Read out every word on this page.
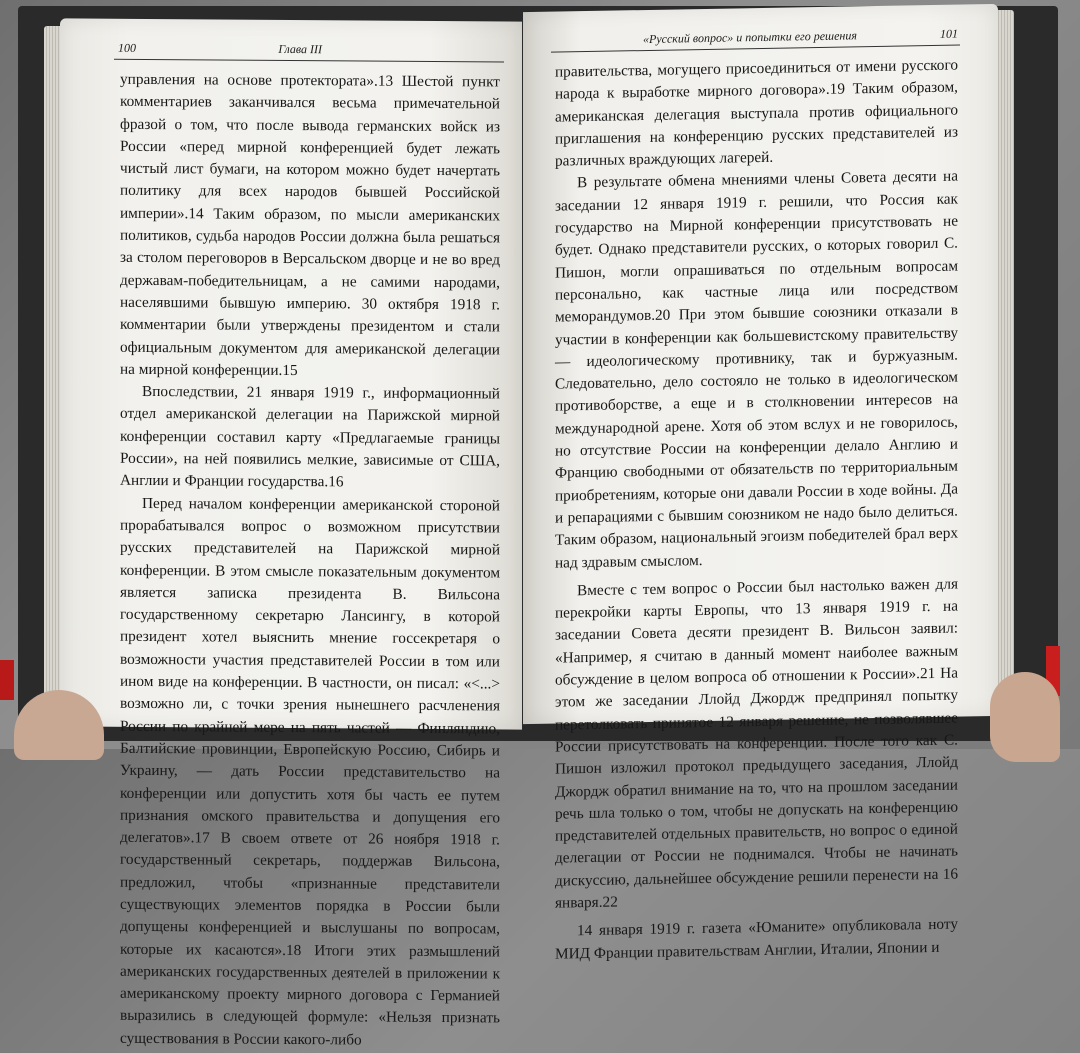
100	Глава III

управления на основе протектората».13 Шестой пункт комментариев заканчивался весьма примечательной фразой о том, что после вывода германских войск из России «перед мирной конференцией будет лежать чистый лист бумаги, на котором можно будет начертать политику для всех народов бывшей Российской империи».14 Таким образом, по мысли американских политиков, судьба народов России должна была решаться за столом переговоров в Версальском дворце и не во вред державам-победительницам, а не самими народами, населявшими бывшую империю. 30 октября 1918 г. комментарии были утверждены президентом и стали официальным документом для американской делегации на мирной конференции.15

Впоследствии, 21 января 1919 г., информационный отдел американской делегации на Парижской мирной конференции составил карту «Предлагаемые границы России», на ней появились мелкие, зависимые от США, Англии и Франции государства.16

Перед началом конференции американской стороной прорабатывался вопрос о возможном присутствии русских представителей на Парижской мирной конференции. В этом смысле показательным документом является записка президента В. Вильсона государственному секретарю Лансингу, в которой президент хотел выяснить мнение госсекретаря о возможности участия представителей России в том или ином виде на конференции. В частности, он писал: «<...> возможно ли, с точки зрения нынешнего расчленения России по крайней мере на пять частей — Финляндию, Балтийские провинции, Европейскую Россию, Сибирь и Украину, — дать России представительство на конференции или допустить хотя бы часть ее путем признания омского правительства и допущения его делегатов».17 В своем ответе от 26 ноября 1918 г. государственный секретарь, поддержав Вильсона, предложил, чтобы «признанные представители существующих элементов порядка в России были допущены конференцией и выслушаны по вопросам, которые их касаются».18 Итоги этих размышлений американских государственных деятелей в приложении к американскому проекту мирного договора с Германией выразились в следующей формуле: «Нельзя признать существования в России какого-либо

«Русский вопрос» и попытки его решения	101

правительства, могущего присоединиться от имени русского народа к выработке мирного договора».19 Таким образом, американская делегация выступала против официального приглашения на конференцию русских представителей из различных враждующих лагерей.

В результате обмена мнениями члены Совета десяти на заседании 12 января 1919 г. решили, что Россия как государство на Мирной конференции присутствовать не будет. Однако представители русских, о которых говорил С. Пишон, могли опрашиваться по отдельным вопросам персонально, как частные лица или посредством меморандумов.20 При этом бывшие союзники отказали в участии в конференции как большевистскому правительству — идеологическому противнику, так и буржуазным. Следовательно, дело состояло не только в идеологическом противоборстве, а еще и в столкновении интересов на международной арене. Хотя об этом вслух и не говорилось, но отсутствие России на конференции делало Англию и Францию свободными от обязательств по территориальным приобретениям, которые они давали России в ходе войны. Да и репарациями с бывшим союзником не надо было делиться. Таким образом, национальный эгоизм победителей брал верх над здравым смыслом.

Вместе с тем вопрос о России был настолько важен для перекройки карты Европы, что 13 января 1919 г. на заседании Совета десяти президент В. Вильсон заявил: «Например, я считаю в данный момент наиболее важным обсуждение в целом вопроса об отношении к России».21 На этом же заседании Ллойд Джордж предпринял попытку перетолковать принятое 12 января решение, не позволявшее России присутствовать на конференции. После того как С. Пишон изложил протокол предыдущего заседания, Ллойд Джордж обратил внимание на то, что на прошлом заседании речь шла только о том, чтобы не допускать на конференцию представителей отдельных правительств, но вопрос о единой делегации от России не поднимался. Чтобы не начинать дискуссию, дальнейшее обсуждение решили перенести на 16 января.22

14 января 1919 г. газета «Юманите» опубликовала ноту МИД Франции правительствам Англии, Италии, Японии и
